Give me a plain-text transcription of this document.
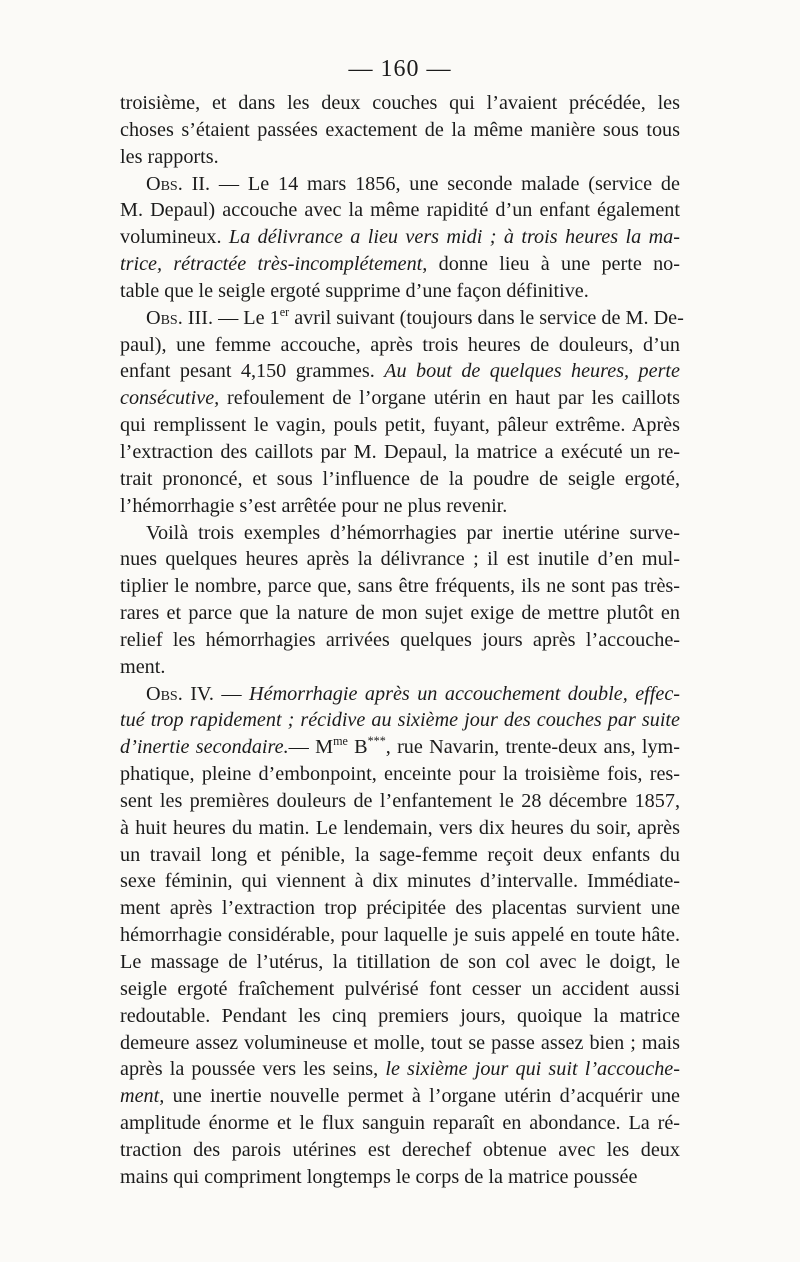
— 160 —
troisième, et dans les deux couches qui l’avaient précédée, les
choses s’étaient passées exactement de la même manière sous tous
les rapports.
Obs. II. — Le 14 mars 1856, une seconde malade (service de
M. Depaul) accouche avec la même rapidité d’un enfant également
volumineux. La délivrance a lieu vers midi ; à trois heures la ma-
trice, rétractée très-incomplétement, donne lieu à une perte no-
table que le seigle ergoté supprime d’une façon définitive.
Obs. III. — Le 1er avril suivant (toujours dans le service de M. De-
paul), une femme accouche, après trois heures de douleurs, d’un
enfant pesant 4,150 grammes. Au bout de quelques heures, perte
consécutive, refoulement de l’organe utérin en haut par les caillots
qui remplissent le vagin, pouls petit, fuyant, pâleur extrême. Après
l’extraction des caillots par M. Depaul, la matrice a exécuté un re-
trait prononcé, et sous l’influence de la poudre de seigle ergoté,
l’hémorrhagie s’est arrêtée pour ne plus revenir.
Voilà trois exemples d’hémorrhagies par inertie utérine surve-
nues quelques heures après la délivrance ; il est inutile d’en mul-
tiplier le nombre, parce que, sans être fréquents, ils ne sont pas très-
rares et parce que la nature de mon sujet exige de mettre plutôt en
relief les hémorrhagies arrivées quelques jours après l’accouche-
ment.
Obs. IV. — Hémorrhagie après un accouchement double, effec-
tué trop rapidement ; récidive au sixième jour des couches par suite
d’inertie secondaire.— $M^{me}$ B***, rue Navarin, trente-deux ans, lym-
phatique, pleine d’embonpoint, enceinte pour la troisième fois, res-
sent les premières douleurs de l’enfantement le 28 décembre 1857,
à huit heures du matin. Le lendemain, vers dix heures du soir, après
un travail long et pénible, la sage-femme reçoit deux enfants du
sexe féminin, qui viennent à dix minutes d’intervalle. Immédiate-
ment après l’extraction trop précipitée des placentas survient une
hémorrhagie considérable, pour laquelle je suis appelé en toute hâte.
Le massage de l’utérus, la titillation de son col avec le doigt, le
seigle ergoté fraîchement pulvérisé font cesser un accident aussi
redoutable. Pendant les cinq premiers jours, quoique la matrice
demeure assez volumineuse et molle, tout se passe assez bien ; mais
après la poussée vers les seins, le sixième jour qui suit l’accouche-
ment, une inertie nouvelle permet à l’organe utérin d’acquérir une
amplitude énorme et le flux sanguin reparaît en abondance. La ré-
traction des parois utérines est derechef obtenue avec les deux
mains qui compriment longtemps le corps de la matrice poussée
